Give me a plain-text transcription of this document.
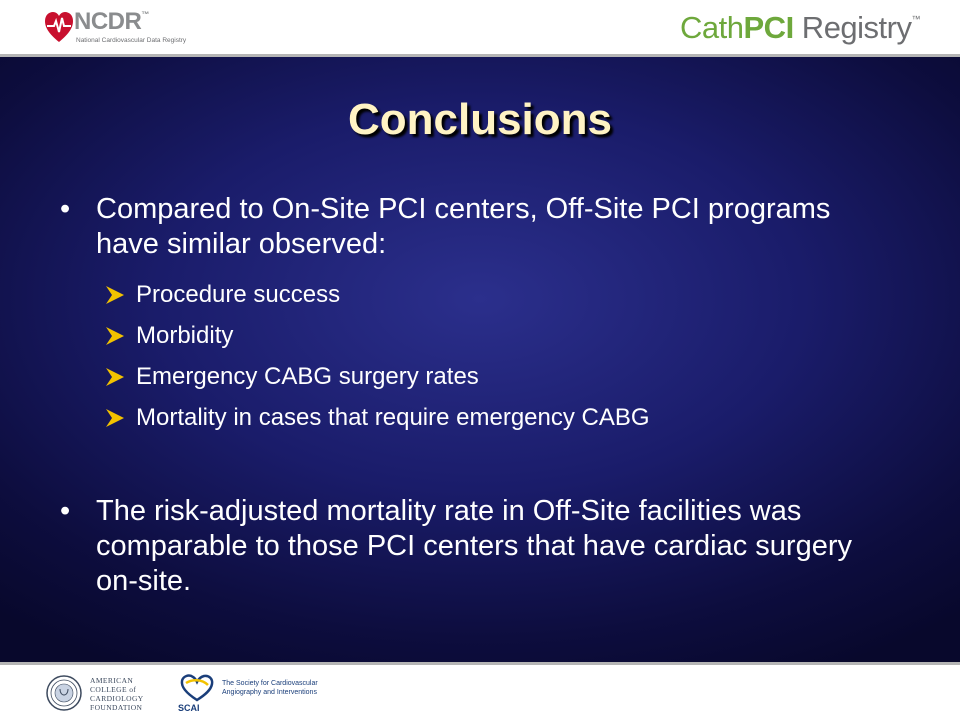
NCDR™
National Cardiovascular Data Registry	CathPCI Registry™
Conclusions
• Compared to On-Site PCI centers, Off-Site PCI programs have similar observed:
Procedure success
Morbidity
Emergency CABG surgery rates
Mortality in cases that require emergency CABG
• The risk-adjusted mortality rate in Off-Site facilities was comparable to those PCI centers that have cardiac surgery on-site.
AMERICAN
COLLEGE of
CARDIOLOGY
FOUNDATION	SCAI
The Society for Cardiovascular
Angiography and Interventions
